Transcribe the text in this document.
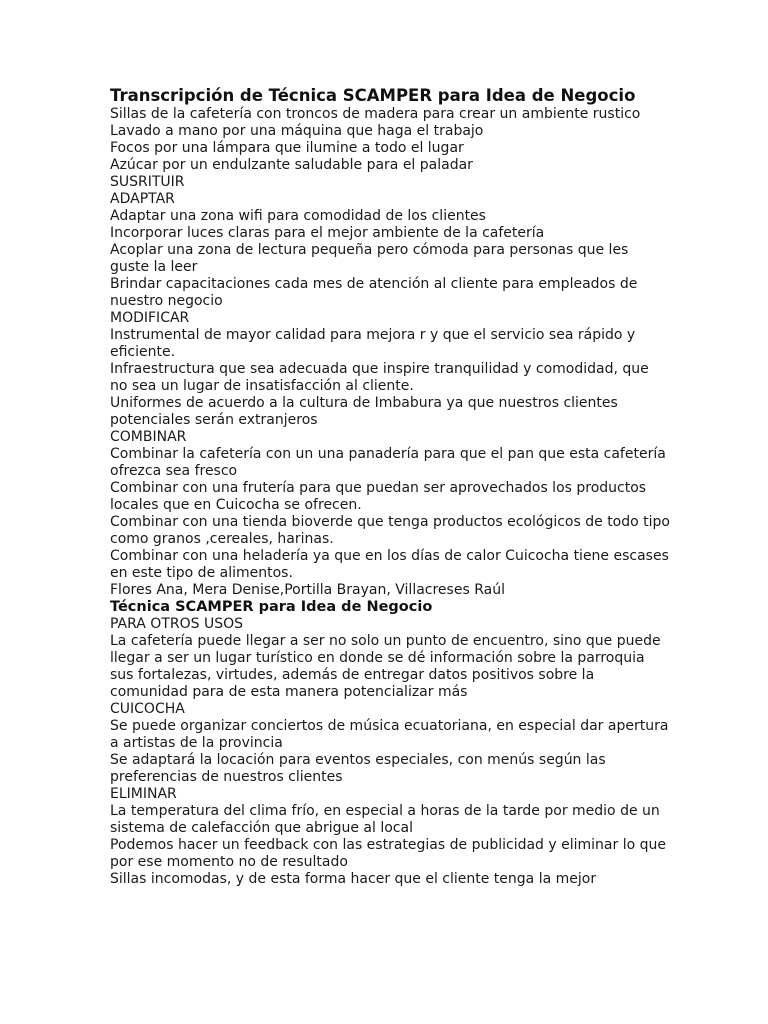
Transcripción de Técnica SCAMPER para Idea de Negocio
Sillas de la cafetería con troncos de madera para crear un ambiente rustico
Lavado a mano por una máquina que haga el trabajo
Focos por una lámpara que ilumine a todo el lugar
Azúcar por un endulzante saludable para el paladar
SUSRITUIR
ADAPTAR
Adaptar una zona wifi para comodidad de los clientes
Incorporar luces claras para el mejor ambiente de la cafetería
Acoplar una zona de lectura pequeña pero cómoda para personas que les guste la leer
Brindar capacitaciones cada mes de atención al cliente para empleados de nuestro negocio
MODIFICAR
Instrumental de mayor calidad para mejora r y que el servicio sea rápido y eficiente.
Infraestructura que sea adecuada que inspire tranquilidad y comodidad, que no sea un lugar de insatisfacción al cliente.
Uniformes de acuerdo a la cultura de Imbabura ya que nuestros clientes potenciales serán extranjeros
COMBINAR
Combinar la cafetería con un una panadería para que el pan que esta cafetería ofrezca sea fresco
Combinar con una frutería para que puedan ser aprovechados los productos locales que en Cuicocha se ofrecen.
Combinar con una tienda bioverde que tenga productos ecológicos de todo tipo como granos ,cereales, harinas.
Combinar con una heladería ya que en los días de calor Cuicocha tiene escases en este tipo de alimentos.
Flores Ana, Mera Denise,Portilla Brayan, Villacreses Raúl
Técnica SCAMPER para Idea de Negocio
PARA OTROS USOS
La cafetería puede llegar a ser no solo un punto de encuentro, sino que puede llegar a ser un lugar turístico en donde se dé información sobre la parroquia sus fortalezas, virtudes, además de entregar datos positivos sobre la comunidad para de esta manera potencializar más
CUICOCHA
Se puede organizar conciertos de música ecuatoriana, en especial dar apertura a artistas de la provincia
Se adaptará la locación para eventos especiales, con menús según las preferencias de nuestros clientes
ELIMINAR
La temperatura del clima frío, en especial a horas de la tarde por medio de un sistema de calefacción que abrigue al local
Podemos hacer un feedback con las estrategias de publicidad y eliminar lo que por ese momento no de resultado
Sillas incomodas, y de esta forma hacer que el cliente tenga la mejor
